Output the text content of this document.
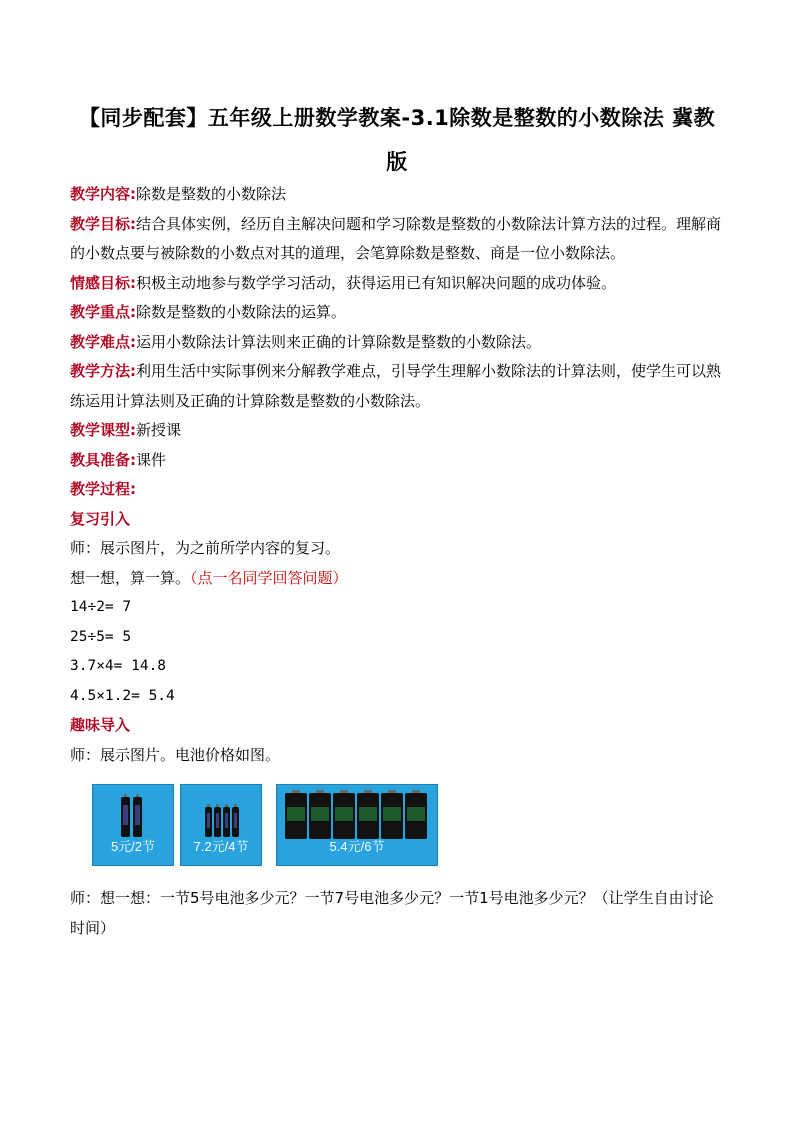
【同步配套】五年级上册数学教案-3.1除数是整数的小数除法 冀教
版

教学内容:除数是整数的小数除法

教学目标:结合具体实例，经历自主解决问题和学习除数是整数的小数除法计算方法的过程。理解商的小数点要与被除数的小数点对其的道理，会笔算除数是整数、商是一位小数除法。

情感目标:积极主动地参与数学学习活动，获得运用已有知识解决问题的成功体验。

教学重点:除数是整数的小数除法的运算。

教学难点:运用小数除法计算法则来正确的计算除数是整数的小数除法。

教学方法:利用生活中实际事例来分解教学难点，引导学生理解小数除法的计算法则，使学生可以熟练运用计算法则及正确的计算除数是整数的小数除法。

教学课型:新授课

教具准备:课件

教学过程:

复习引入

师：展示图片，为之前所学内容的复习。

想一想，算一算。（点一名同学回答问题）

14÷2= 7

25÷5= 5

3.7×4= 14.8

4.5×1.2= 5.4

趣味导入

师：展示图片。电池价格如图。

5元/2节	7.2元/4节	5.4元/6节

师：想一想：一节5号电池多少元？一节7号电池多少元？一节1号电池多少元？（让学生自由讨论时间）
